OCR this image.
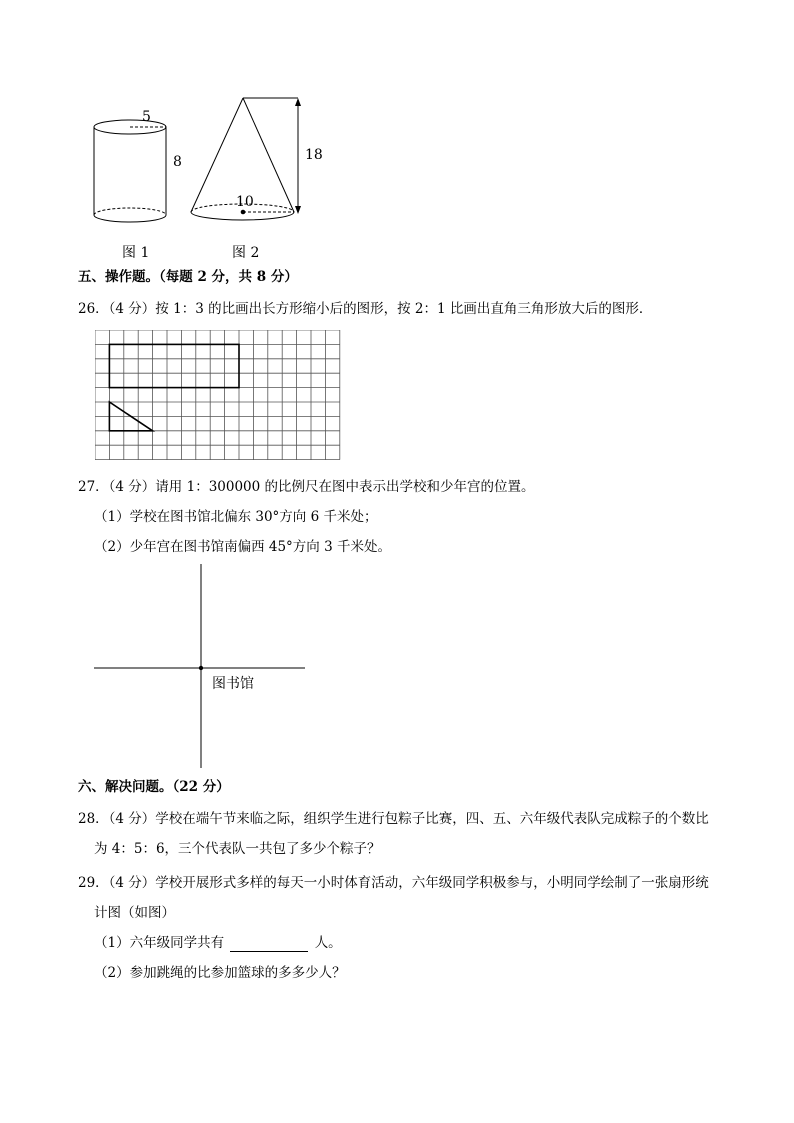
5
8
图 1
10
18
图 2
五、操作题。（每题 2 分，共 8 分）
26．（4 分）按 1：3 的比画出长方形缩小后的图形，按 2：1 比画出直角三角形放大后的图形．
27．（4 分）请用 1：300000 的比例尺在图中表示出学校和少年宫的位置。
（1）学校在图书馆北偏东 30°方向 6 千米处；
（2）少年宫在图书馆南偏西 45°方向 3 千米处。
图书馆
六、解决问题。（22 分）
28．（4 分）学校在端午节来临之际，组织学生进行包粽子比赛，四、五、六年级代表队完成粽子的个数比
为 4：5：6，三个代表队一共包了多少个粽子？
29．（4 分）学校开展形式多样的每天一小时体育活动，六年级同学积极参与，小明同学绘制了一张扇形统
计图（如图）
（1）六年级同学共有	人。
（2）参加跳绳的比参加篮球的多多少人？
